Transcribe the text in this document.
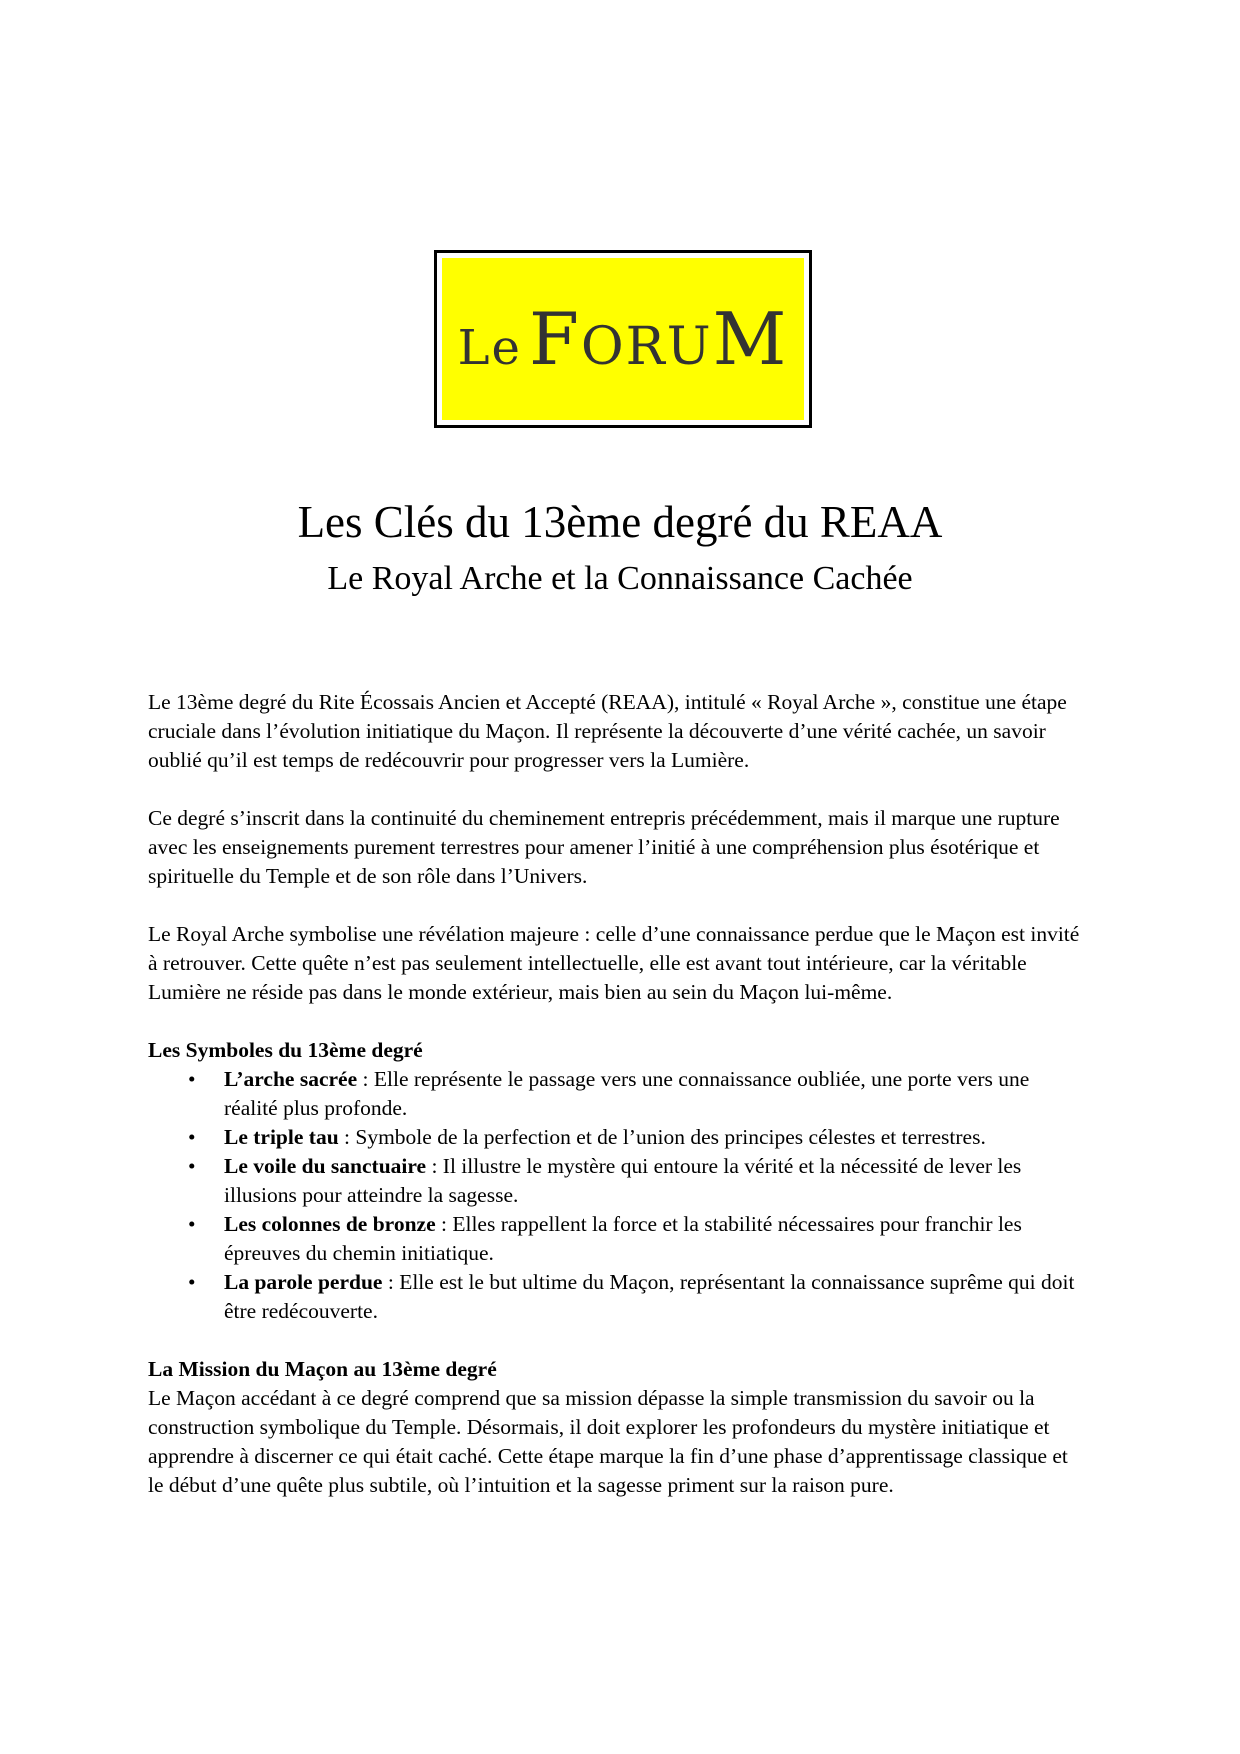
Le FORUM
Les Clés du 13ème degré du REAA
Le Royal Arche et la Connaissance Cachée

Le 13ème degré du Rite Écossais Ancien et Accepté (REAA), intitulé « Royal Arche », constitue une étape cruciale dans l’évolution initiatique du Maçon. Il représente la découverte d’une vérité cachée, un savoir oublié qu’il est temps de redécouvrir pour progresser vers la Lumière.

Ce degré s’inscrit dans la continuité du cheminement entrepris précédemment, mais il marque une rupture avec les enseignements purement terrestres pour amener l’initié à une compréhension plus ésotérique et spirituelle du Temple et de son rôle dans l’Univers.

Le Royal Arche symbolise une révélation majeure : celle d’une connaissance perdue que le Maçon est invité à retrouver. Cette quête n’est pas seulement intellectuelle, elle est avant tout intérieure, car la véritable Lumière ne réside pas dans le monde extérieur, mais bien au sein du Maçon lui-même.

Les Symboles du 13ème degré
• L’arche sacrée : Elle représente le passage vers une connaissance oubliée, une porte vers une réalité plus profonde.
• Le triple tau : Symbole de la perfection et de l’union des principes célestes et terrestres.
• Le voile du sanctuaire : Il illustre le mystère qui entoure la vérité et la nécessité de lever les illusions pour atteindre la sagesse.
• Les colonnes de bronze : Elles rappellent la force et la stabilité nécessaires pour franchir les épreuves du chemin initiatique.
• La parole perdue : Elle est le but ultime du Maçon, représentant la connaissance suprême qui doit être redécouverte.
La Mission du Maçon au 13ème degré

Le Maçon accédant à ce degré comprend que sa mission dépasse la simple transmission du savoir ou la construction symbolique du Temple. Désormais, il doit explorer les profondeurs du mystère initiatique et apprendre à discerner ce qui était caché. Cette étape marque la fin d’une phase d’apprentissage classique et le début d’une quête plus subtile, où l’intuition et la sagesse priment sur la raison pure.
